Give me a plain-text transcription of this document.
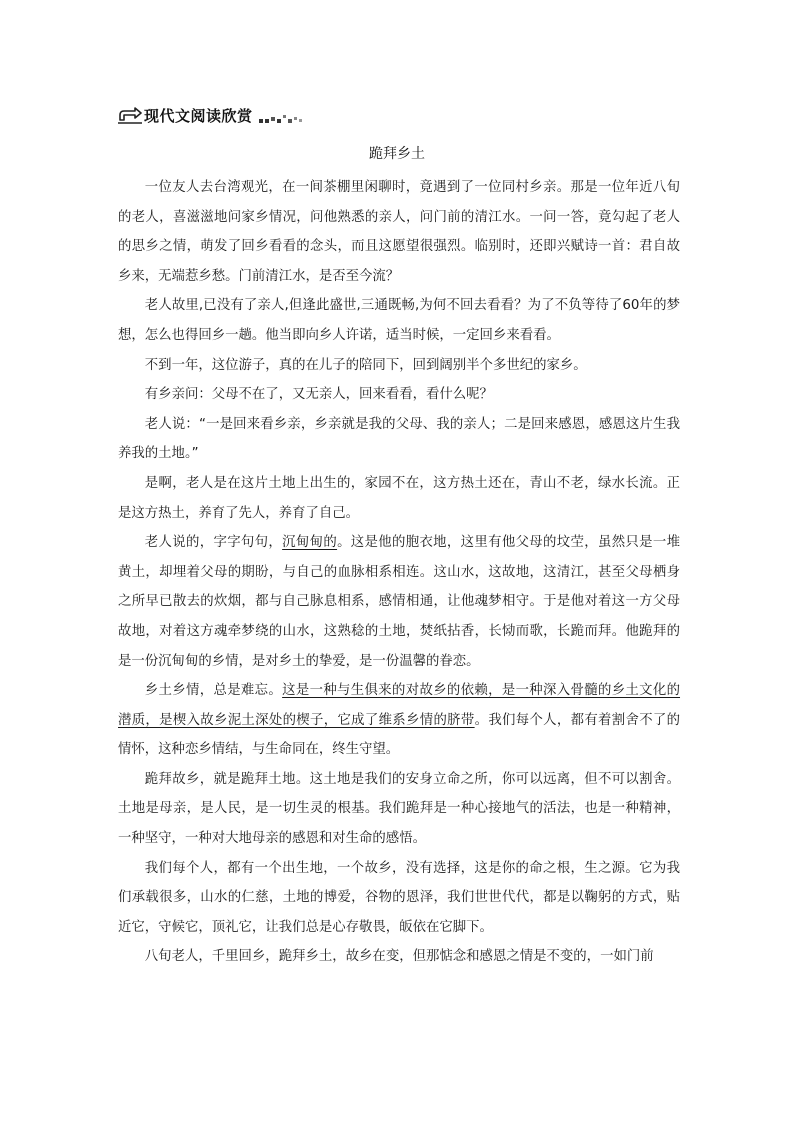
现代文阅读欣赏
跪拜乡土

一位友人去台湾观光，在一间茶棚里闲聊时，竟遇到了一位同村乡亲。那是一位年近八旬的老人，喜滋滋地问家乡情况，问他熟悉的亲人，问门前的清江水。一问一答，竟勾起了老人的思乡之情，萌发了回乡看看的念头，而且这愿望很强烈。临别时，还即兴赋诗一首：君自故乡来，无端惹乡愁。门前清江水，是否至今流？

老人故里,已没有了亲人,但逢此盛世,三通既畅,为何不回去看看？为了不负等待了60年的梦想，怎么也得回乡一趟。他当即向乡人许诺，适当时候，一定回乡来看看。

不到一年，这位游子，真的在儿子的陪同下，回到阔别半个多世纪的家乡。

有乡亲问：父母不在了，又无亲人，回来看看，看什么呢？

老人说：“一是回来看乡亲，乡亲就是我的父母、我的亲人；二是回来感恩，感恩这片生我养我的土地。”

是啊，老人是在这片土地上出生的，家园不在，这方热土还在，青山不老，绿水长流。正是这方热土，养育了先人，养育了自己。

老人说的，字字句句，沉甸甸的。这是他的胞衣地，这里有他父母的坟茔，虽然只是一堆黄土，却埋着父母的期盼，与自己的血脉相系相连。这山水，这故地，这清江，甚至父母栖身之所早已散去的炊烟，都与自己脉息相系，感情相通，让他魂梦相守。于是他对着这一方父母故地，对着这方魂牵梦绕的山水，这熟稔的土地，焚纸拈香，长恸而歌，长跪而拜。他跪拜的是一份沉甸甸的乡情，是对乡土的挚爱，是一份温馨的眷恋。

乡土乡情，总是难忘。这是一种与生俱来的对故乡的依赖，是一种深入骨髓的乡土文化的潜质，是楔入故乡泥土深处的楔子，它成了维系乡情的脐带。我们每个人，都有着割舍不了的情怀，这种恋乡情结，与生命同在，终生守望。

跪拜故乡，就是跪拜土地。这土地是我们的安身立命之所，你可以远离，但不可以割舍。土地是母亲，是人民，是一切生灵的根基。我们跪拜是一种心接地气的活法，也是一种精神，一种坚守，一种对大地母亲的感恩和对生命的感悟。

我们每个人，都有一个出生地，一个故乡，没有选择，这是你的命之根，生之源。它为我们承载很多，山水的仁慈，土地的博爱，谷物的恩泽，我们世世代代，都是以鞠躬的方式，贴近它，守候它，顶礼它，让我们总是心存敬畏，皈依在它脚下。

八旬老人，千里回乡，跪拜乡土，故乡在变，但那惦念和感恩之情是不变的，一如门前
